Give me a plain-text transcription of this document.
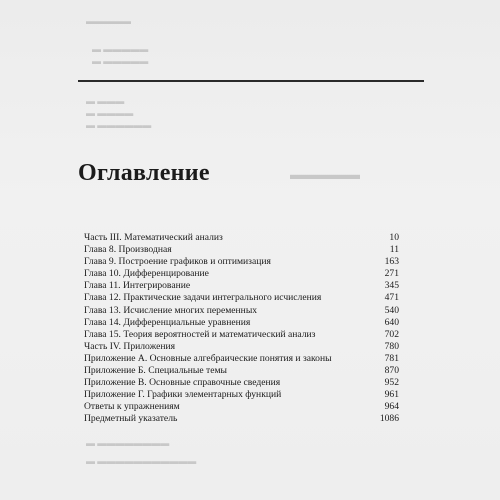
▬▬▬▬▬
▬ ▬▬▬▬▬
▬ ▬▬▬▬▬
▬ ▬▬▬
▬ ▬▬▬▬
▬ ▬▬▬▬▬▬
▬▬▬▬▬
▬ ▬▬▬▬▬▬▬▬
▬ ▬▬▬▬▬▬▬▬▬▬▬
Оглавление
Часть III. Математический анализ	10
Глава 8. Производная	11
Глава 9. Построение графиков и оптимизация	163
Глава 10. Дифференцирование	271
Глава 11. Интегрирование	345
Глава 12. Практические задачи интегрального исчисления	471
Глава 13. Исчисление многих переменных	540
Глава 14. Дифференциальные уравнения	640
Глава 15. Теория вероятностей и математический анализ	702
Часть IV. Приложения	780
Приложение А. Основные алгебраические понятия и законы	781
Приложение Б. Специальные темы	870
Приложение В. Основные справочные сведения	952
Приложение Г. Графики элементарных функций	961
Ответы к упражнениям	964
Предметный указатель	1086
